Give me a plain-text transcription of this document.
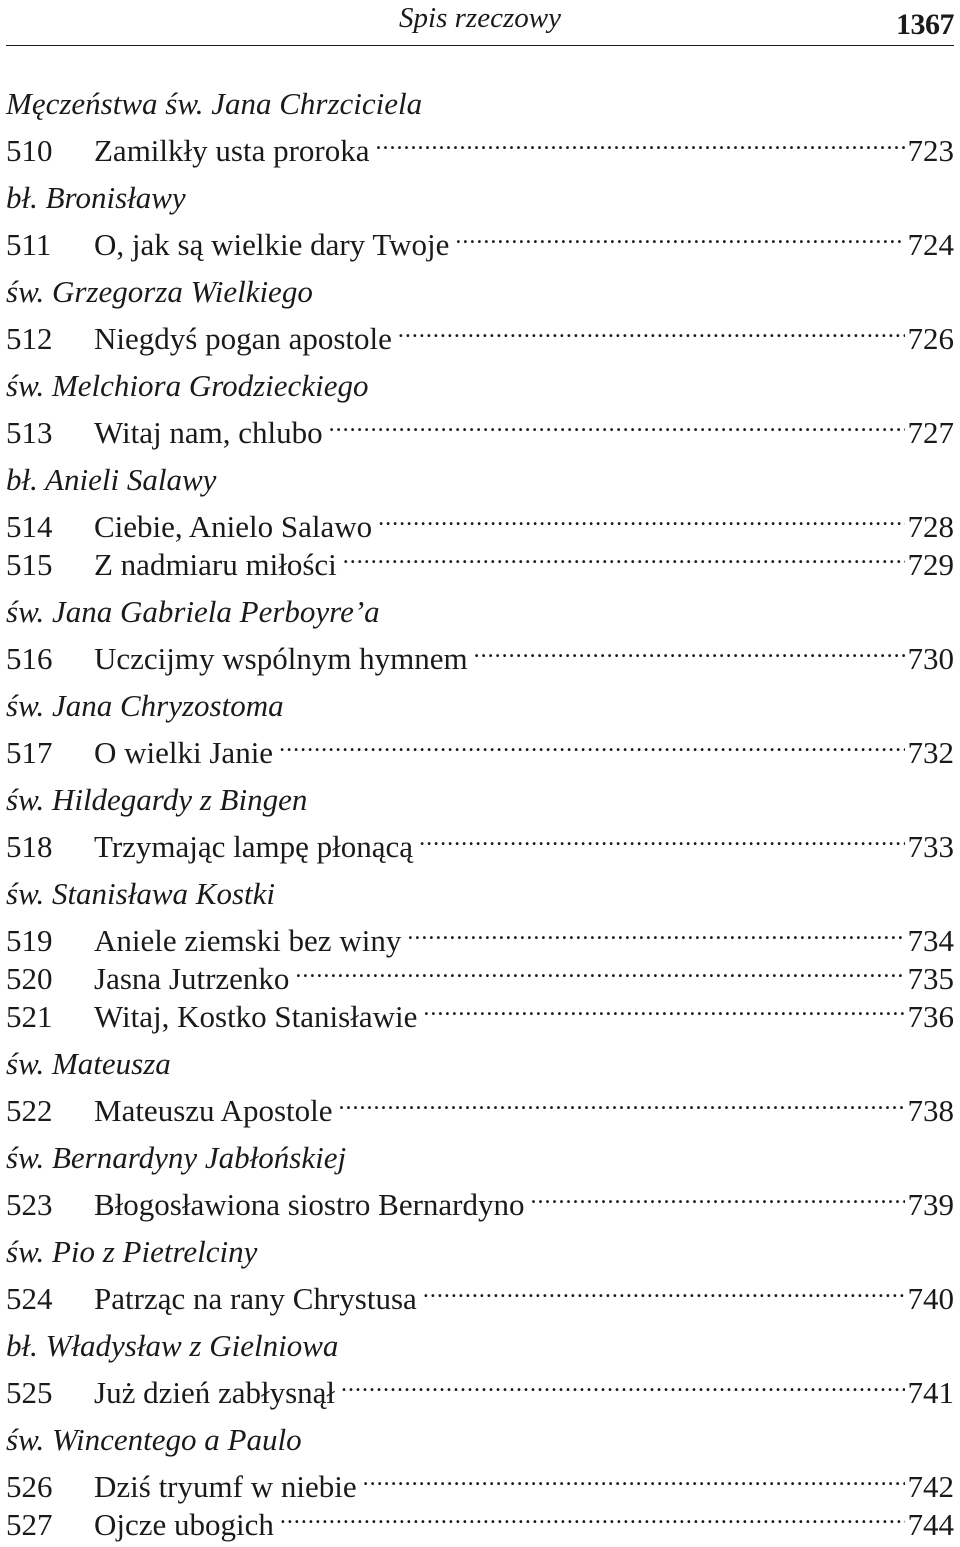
Spis rzeczowy	1367
Męczeństwa św. Jana Chrzciciela
510	Zamilkły usta proroka .....	723
bł. Bronisławy
511	O, jak są wielkie dary Twoje .....	724
św. Grzegorza Wielkiego
512	Niegdyś pogan apostole .....	726
św. Melchiora Grodzieckiego
513	Witaj nam, chlubo .....	727
bł. Anieli Salawy
514	Ciebie, Anielo Salawo .....	728
515	Z nadmiaru miłości .....	729
św. Jana Gabriela Perboyre’a
516	Uczcijmy wspólnym hymnem .....	730
św. Jana Chryzostoma
517	O wielki Janie .....	732
św. Hildegardy z Bingen
518	Trzymając lampę płonącą .....	733
św. Stanisława Kostki
519	Aniele ziemski bez winy .....	734
520	Jasna Jutrzenko .....	735
521	Witaj, Kostko Stanisławie .....	736
św. Mateusza
522	Mateuszu Apostole .....	738
św. Bernardyny Jabłońskiej
523	Błogosławiona siostro Bernardyno .....	739
św. Pio z Pietrelciny
524	Patrząc na rany Chrystusa .....	740
bł. Władysław z Gielniowa
525	Już dzień zabłysnął .....	741
św. Wincentego a Paulo
526	Dziś tryumf w niebie .....	742
527	Ojcze ubogich .....	744
